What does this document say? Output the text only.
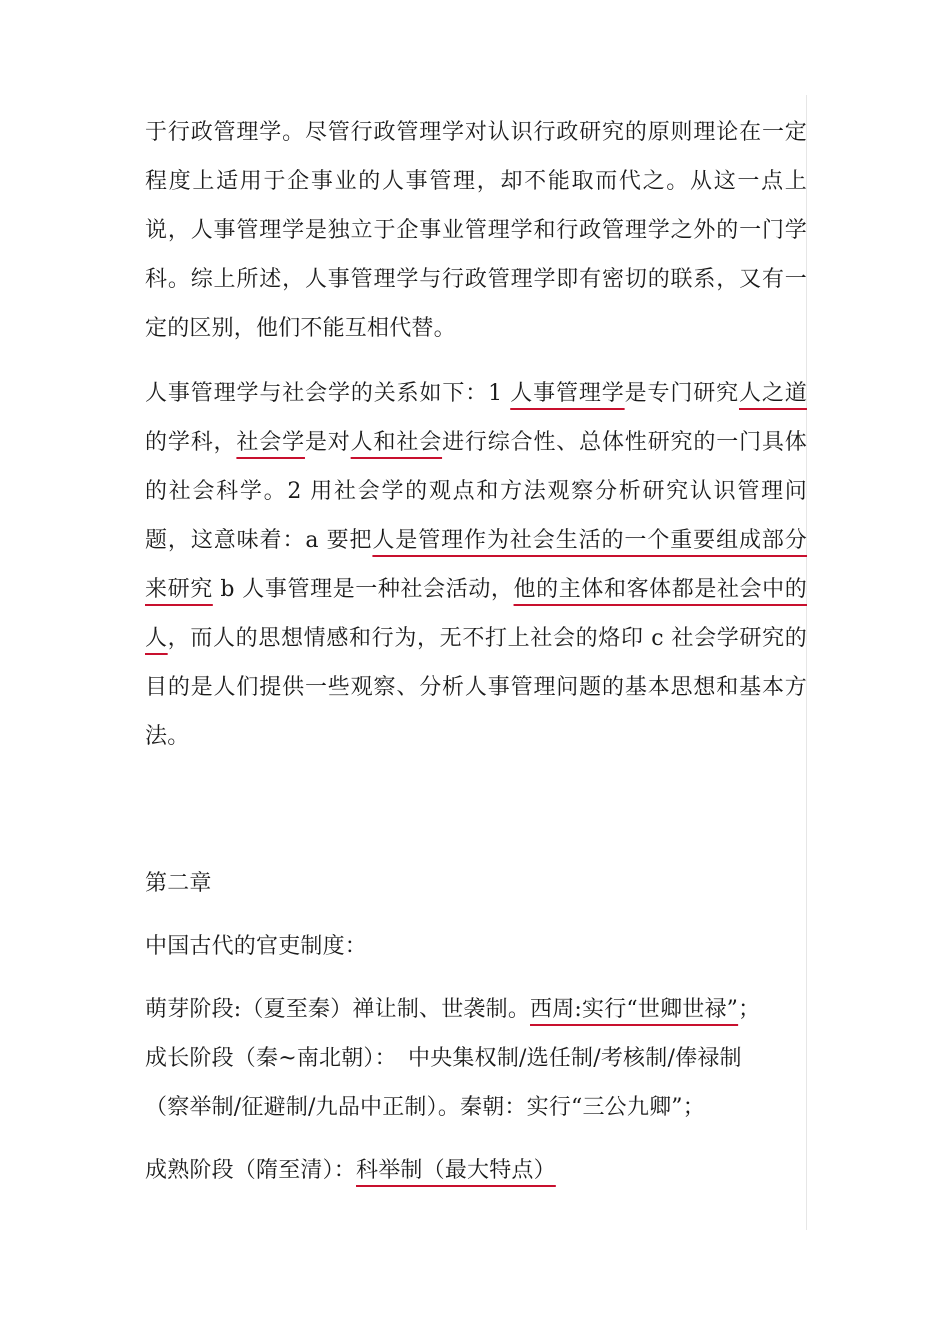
于行政管理学。尽管行政管理学对认识行政研究的原则理论在一定程度上适用于企事业的人事管理，却不能取而代之。从这一点上说，人事管理学是独立于企事业管理学和行政管理学之外的一门学科。综上所述，人事管理学与行政管理学即有密切的联系，又有一定的区别，他们不能互相代替。

人事管理学与社会学的关系如下：1 人事管理学是专门研究人之道的学科，社会学是对人和社会进行综合性、总体性研究的一门具体的社会科学。2 用社会学的观点和方法观察分析研究认识管理问题，这意味着：a 要把人是管理作为社会生活的一个重要组成部分来研究 b 人事管理是一种社会活动，他的主体和客体都是社会中的人，而人的思想情感和行为，无不打上社会的烙印 c 社会学研究的目的是人们提供一些观察、分析人事管理问题的基本思想和基本方法。

第二章

中国古代的官吏制度：

萌芽阶段:（夏至秦）禅让制、世袭制。西周:实行“世卿世禄”；
成长阶段（秦~南北朝）：　中央集权制/选任制/考核制/俸禄制
（察举制/征避制/九品中正制）。秦朝：实行“三公九卿”；

成熟阶段（隋至清）：科举制（最大特点）
